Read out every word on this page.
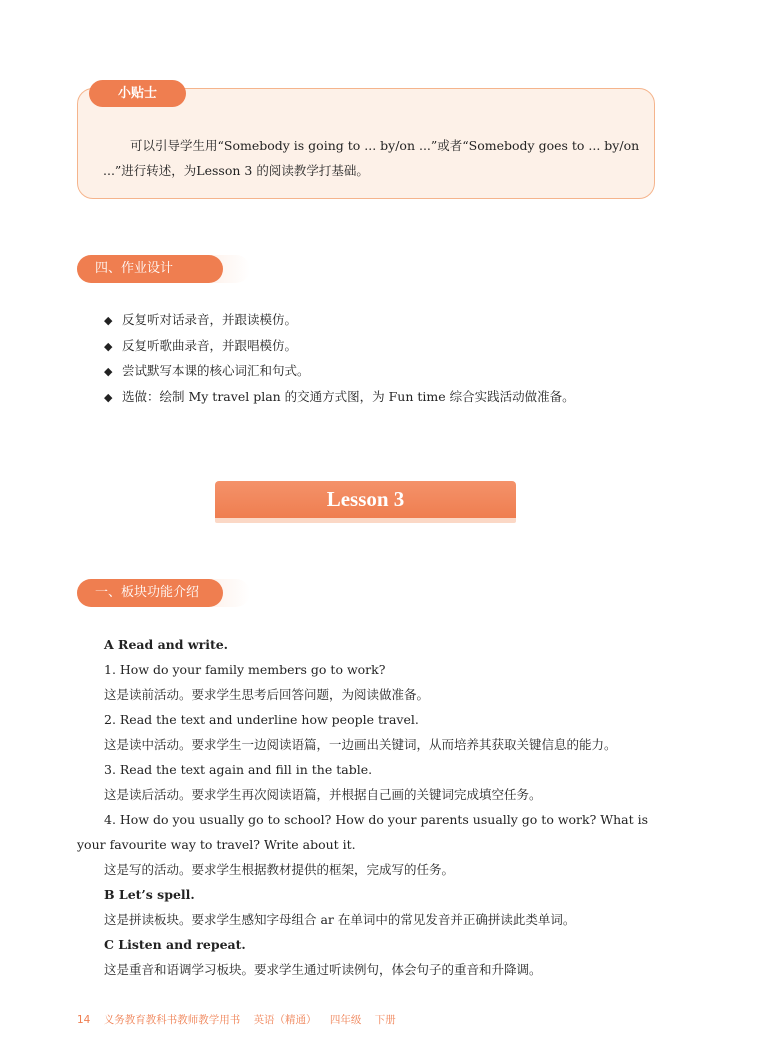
小贴士
可以引导学生用“Somebody is going to ... by/on ...”或者“Somebody goes to ... by/on ...”进行转述，为Lesson 3 的阅读教学打基础。
四、作业设计
◆ 反复听对话录音，并跟读模仿。
◆ 反复听歌曲录音，并跟唱模仿。
◆ 尝试默写本课的核心词汇和句式。
◆ 选做：绘制 My travel plan 的交通方式图，为 Fun time 综合实践活动做准备。
Lesson 3
一、板块功能介绍

A Read and write.

1. How do your family members go to work?

这是读前活动。要求学生思考后回答问题，为阅读做准备。

2. Read the text and underline how people travel.

这是读中活动。要求学生一边阅读语篇，一边画出关键词，从而培养其获取关键信息的能力。

3. Read the text again and fill in the table.

这是读后活动。要求学生再次阅读语篇，并根据自己画的关键词完成填空任务。

4. How do you usually go to school? How do your parents usually go to work? What is your favourite way to travel? Write about it.

这是写的活动。要求学生根据教材提供的框架，完成写的任务。

B Let’s spell.

这是拼读板块。要求学生感知字母组合 ar 在单词中的常见发音并正确拼读此类单词。

C Listen and repeat.

这是重音和语调学习板块。要求学生通过听读例句，体会句子的重音和升降调。

14 义务教育教科书教师教学用书 英语（精通） 四年级 下册
